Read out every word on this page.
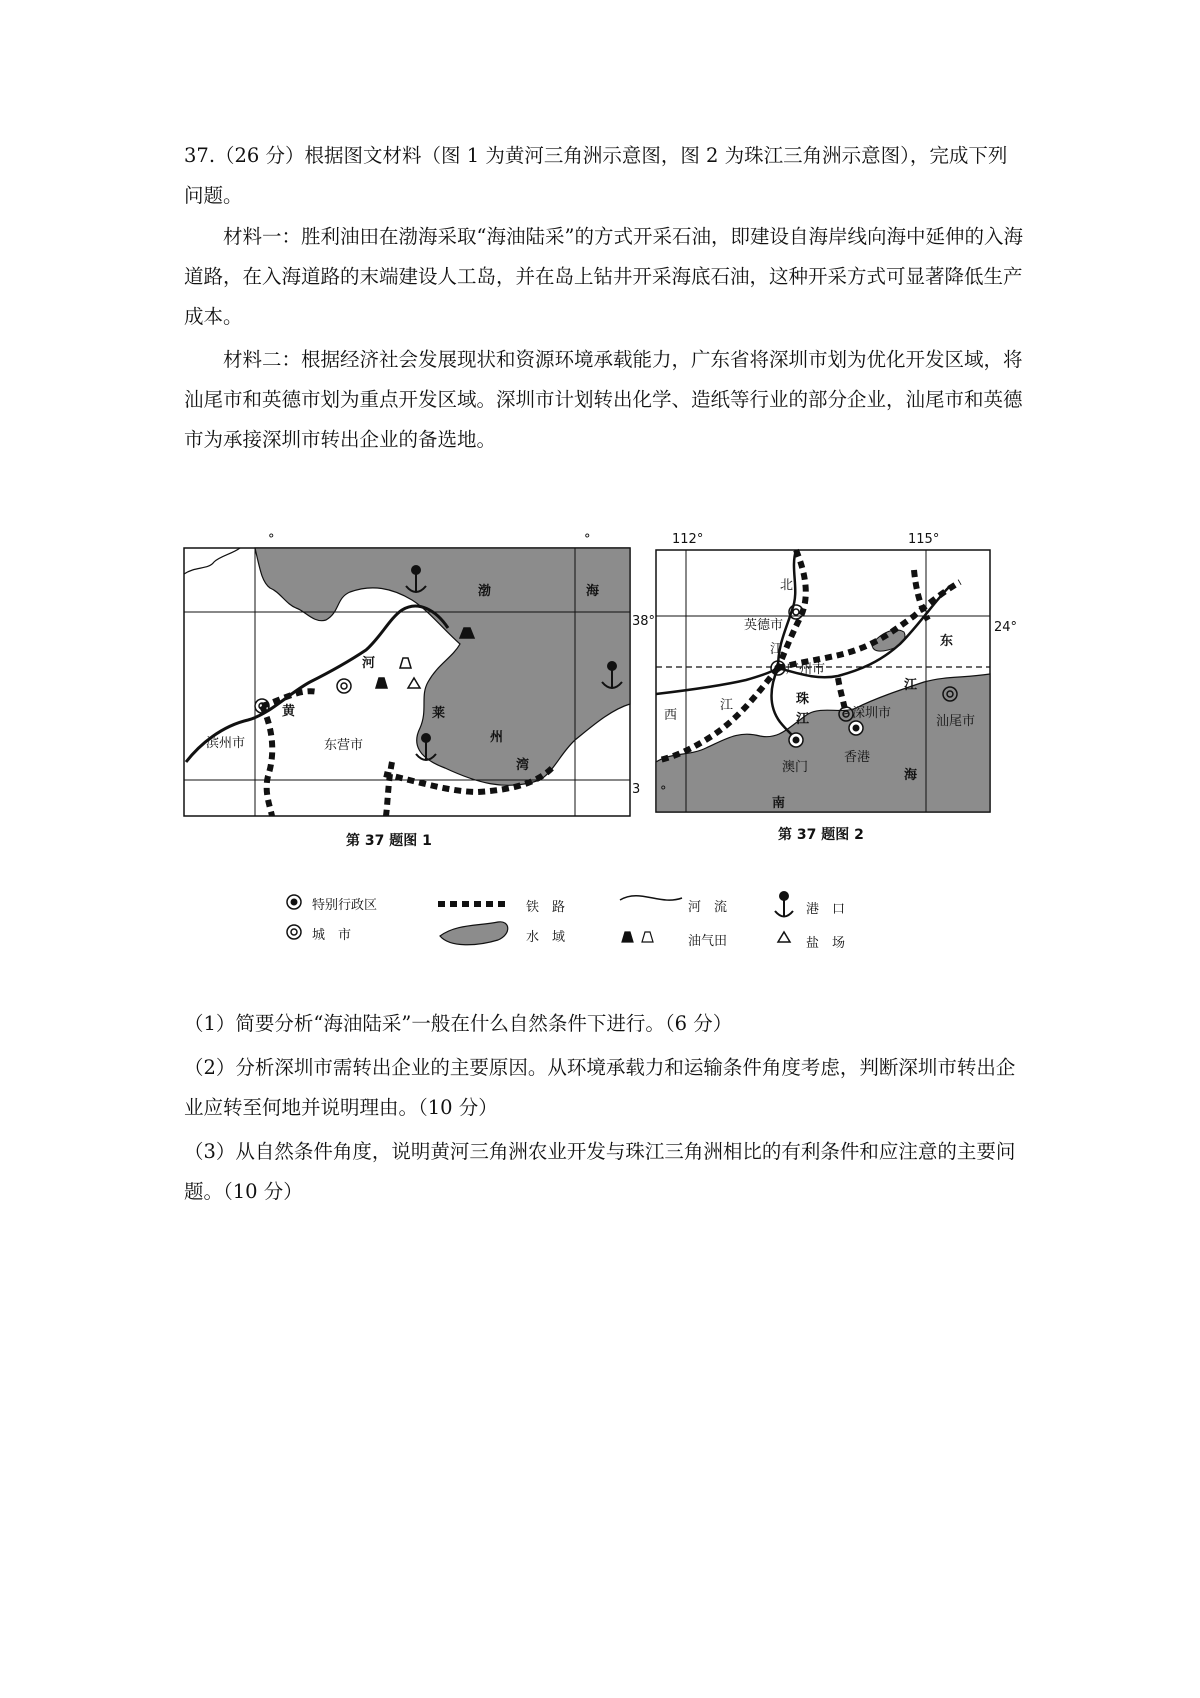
37.（26 分）根据图文材料（图 1 为黄河三角洲示意图，图 2 为珠江三角洲示意图），完成下列问题。

材料一：胜利油田在渤海采取“海油陆采”的方式开采石油，即建设自海岸线向海中延伸的入海道路，在入海道路的末端建设人工岛，并在岛上钻井开采海底石油，这种开采方式可显著降低生产成本。

材料二：根据经济社会发展现状和资源环境承载能力，广东省将深圳市划为优化开发区域，将汕尾市和英德市划为重点开发区域。深圳市计划转出化学、造纸等行业的部分企业，汕尾市和英德市为承接深圳市转出企业的备选地。

°	°
38°
3
渤	海
莱
州
湾
黄
河
滨州市	东营市
第 37 题图 1
112°	115°
24°
°
英德市
广州市
深圳市
汕尾市
澳门
香港
北
江
西
江
东
江
珠
江
南
海
第 37 题图 2
特别行政区
城　市
铁　路
水　域
河　流
油气田
港　口
盐　场

（1）简要分析“海油陆采”一般在什么自然条件下进行。（6 分）

（2）分析深圳市需转出企业的主要原因。从环境承载力和运输条件角度考虑，判断深圳市转出企业应转至何地并说明理由。（10 分）

（3）从自然条件角度，说明黄河三角洲农业开发与珠江三角洲相比的有利条件和应注意的主要问题。（10 分）
